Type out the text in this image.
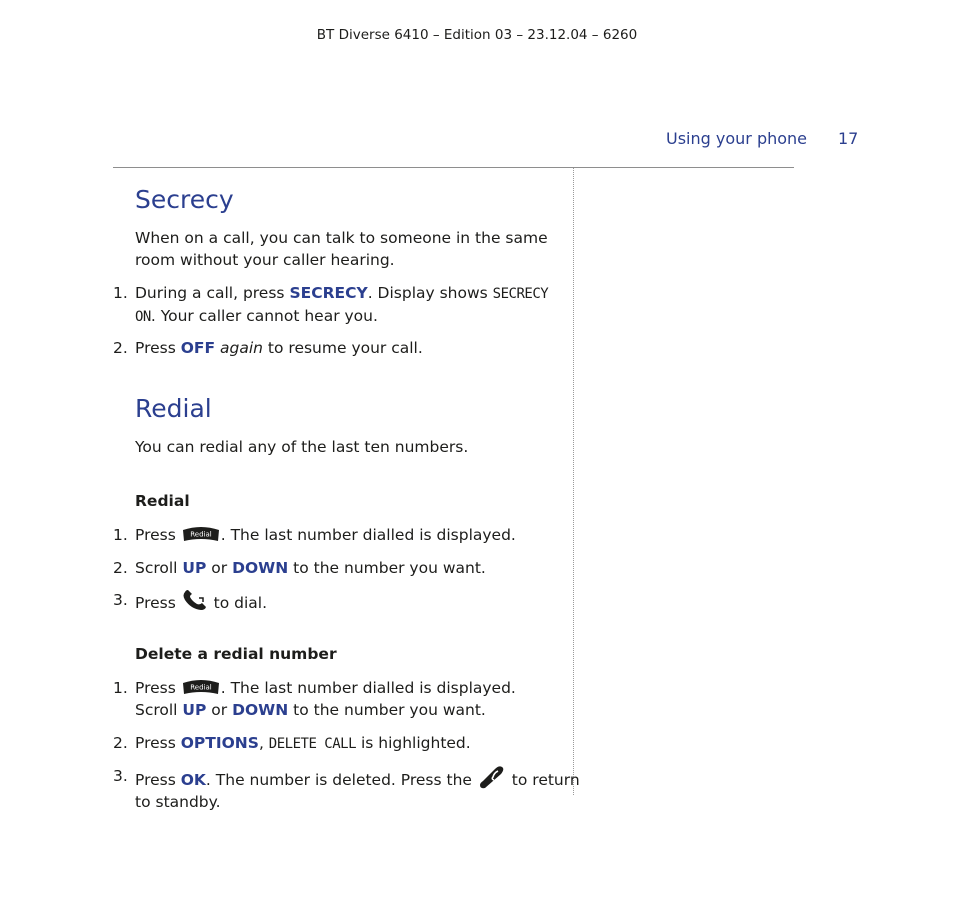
BT Diverse 6410 – Edition 03 – 23.12.04 – 6260
Using your phone 17
Secrecy

When on a call, you can talk to someone in the same
room without your caller hearing.

1. During a call, press SECRECY. Display shows SECRECY
ON. Your caller cannot hear you.
2. Press OFF again to resume your call.
Redial

You can redial any of the last ten numbers.

Redial
1. Press Redial . The last number dialled is displayed.
2. Scroll UP or DOWN to the number you want.
3. Press  to dial.
Delete a redial number
1. Press Redial . The last number dialled is displayed.
Scroll UP or DOWN to the number you want.
2. Press OPTIONS, DELETE CALL is highlighted.
3. Press OK. The number is deleted. Press the  to return
to standby.
